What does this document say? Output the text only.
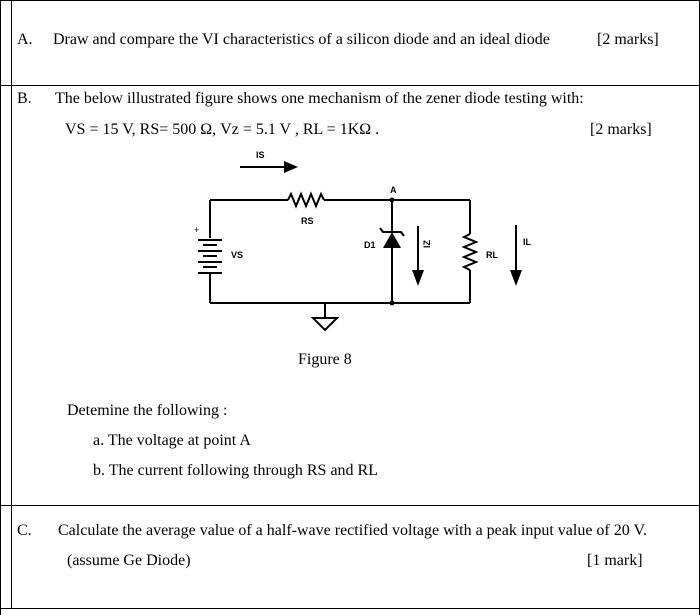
A. Draw and compare the VI characteristics of a silicon diode and an ideal diode	[2 marks]
B. The below illustrated figure shows one mechanism of the zener diode testing with:
VS = 15 V, RS= 500 Ω, Vz = 5.1 V , RL = 1KΩ .	[2 marks]
IS
RS
A
D1	IZ
RL
IL
VS
+
Figure 8
Detemine the following :
a. The voltage at point A
b. The current following through RS and RL
C. Calculate the average value of a half-wave rectified voltage with a peak input value of 20 V.
(assume Ge Diode)	[1 mark]
